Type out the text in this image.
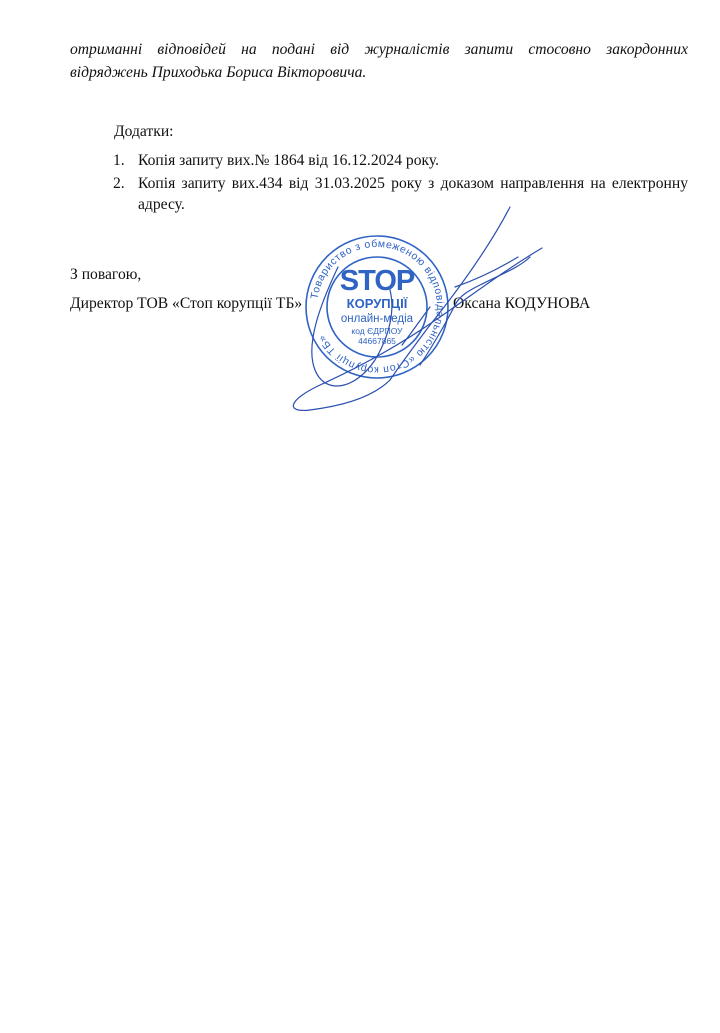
отриманні відповідей на подані від журналістів запити стосовно закордонних
відряджень Приходька Бориса Вікторовича.
Додатки:
1. Копія запиту вих.№ 1864 від 16.12.2024 року.
2. Копія запиту вих.434 від 31.03.2025 року з доказом направлення на електронну адресу.
З повагою,
Директор ТОВ «Стоп корупції ТБ»	Оксана КОДУНОВА
Товариство з обмеженою відповідальністю «Стоп корупції ТБ»
STOP
КОРУПЦІЇ
онлайн-медіа
код ЄДРПОУ
44667865
